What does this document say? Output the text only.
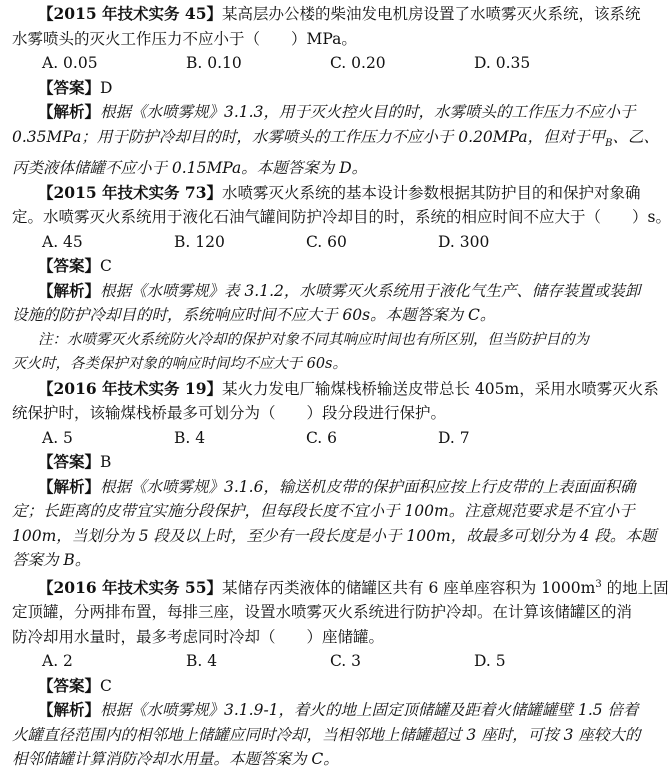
【2015 年技术实务 45】某高层办公楼的柴油发电机房设置了水喷雾灭火系统，该系统
水雾喷头的灭火工作压力不应小于（　　）MPa。
A. 0.05	B. 0.10	C. 0.20	D. 0.35
【答案】D
【解析】根据《水喷雾规》3.1.3，用于灭火控火目的时，水雾喷头的工作压力不应小于
0.35MPa；用于防护冷却目的时，水雾喷头的工作压力不应小于 0.20MPa，但对于甲$_B$、乙、
丙类液体储罐不应小于 0.15MPa。本题答案为 D。
【2015 年技术实务 73】水喷雾灭火系统的基本设计参数根据其防护目的和保护对象确
定。水喷雾灭火系统用于液化石油气罐间防护冷却目的时，系统的相应时间不应大于（　　）s。
A. 45	B. 120	C. 60	D. 300
【答案】C
【解析】根据《水喷雾规》表 3.1.2，水喷雾灭火系统用于液化气生产、储存装置或装卸
设施的防护冷却目的时，系统响应时间不应大于 60s。本题答案为 C。
注：水喷雾灭火系统防火冷却的保护对象不同其响应时间也有所区别，但当防护目的为
灭火时，各类保护对象的响应时间均不应大于 60s。
【2016 年技术实务 19】某火力发电厂输煤栈桥输送皮带总长 405m，采用水喷雾灭火系
统保护时，该输煤栈桥最多可划分为（　　）段分段进行保护。
A. 5	B. 4	C. 6	D. 7
【答案】B
【解析】根据《水喷雾规》3.1.6，输送机皮带的保护面积应按上行皮带的上表面面积确
定；长距离的皮带宜实施分段保护，但每段长度不宜小于 100m。注意规范要求是不宜小于
100m，当划分为 5 段及以上时，至少有一段长度是小于 100m，故最多可划分为 4 段。本题
答案为 B。
【2016 年技术实务 55】某储存丙类液体的储罐区共有 6 座单座容积为 $1000m^3$ 的地上固
定顶罐，分两排布置，每排三座，设置水喷雾灭火系统进行防护冷却。在计算该储罐区的消
防冷却用水量时，最多考虑同时冷却（　　）座储罐。
A. 2	B. 4	C. 3	D. 5
【答案】C
【解析】根据《水喷雾规》3.1.9-1，着火的地上固定顶储罐及距着火储罐罐壁 1.5 倍着
火罐直径范围内的相邻地上储罐应同时冷却，当相邻地上储罐超过 3 座时，可按 3 座较大的
相邻储罐计算消防冷却水用量。本题答案为 C。
